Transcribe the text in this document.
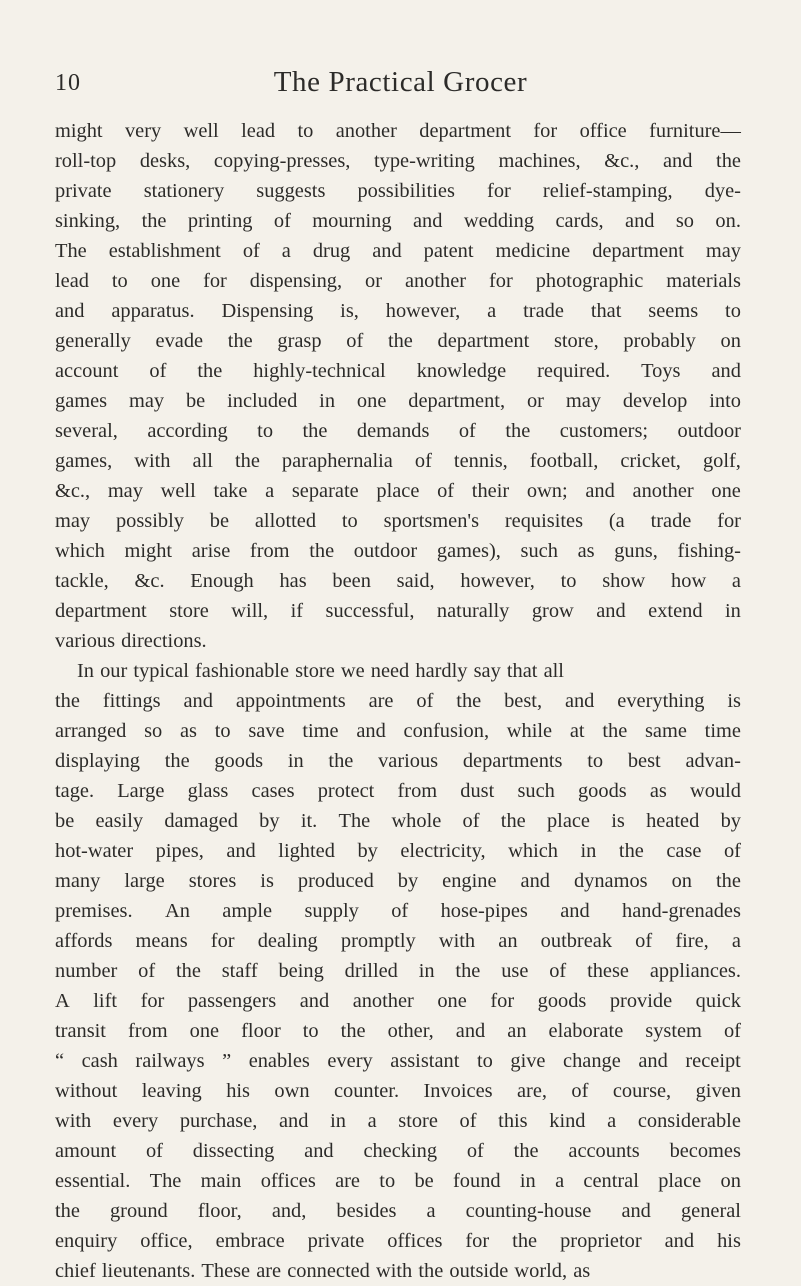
10	The Practical Grocer
might very well lead to another department for office furniture—
roll-top desks, copying-presses, type-writing machines, &c., and the
private stationery suggests possibilities for relief-stamping, dye-
sinking, the printing of mourning and wedding cards, and so on.
The establishment of a drug and patent medicine department may
lead to one for dispensing, or another for photographic materials
and apparatus. Dispensing is, however, a trade that seems to
generally evade the grasp of the department store, probably on
account of the highly-technical knowledge required. Toys and
games may be included in one department, or may develop into
several, according to the demands of the customers; outdoor
games, with all the paraphernalia of tennis, football, cricket, golf,
&c., may well take a separate place of their own; and another one
may possibly be allotted to sportsmen's requisites (a trade for
which might arise from the outdoor games), such as guns, fishing-
tackle, &c. Enough has been said, however, to show how a
department store will, if successful, naturally grow and extend in
various directions.
In our typical fashionable store we need hardly say that all
the fittings and appointments are of the best, and everything is
arranged so as to save time and confusion, while at the same time
displaying the goods in the various departments to best advan-
tage. Large glass cases protect from dust such goods as would
be easily damaged by it. The whole of the place is heated by
hot-water pipes, and lighted by electricity, which in the case of
many large stores is produced by engine and dynamos on the
premises. An ample supply of hose-pipes and hand-grenades
affords means for dealing promptly with an outbreak of fire, a
number of the staff being drilled in the use of these appliances.
A lift for passengers and another one for goods provide quick
transit from one floor to the other, and an elaborate system of
“ cash railways ” enables every assistant to give change and receipt
without leaving his own counter. Invoices are, of course, given
with every purchase, and in a store of this kind a considerable
amount of dissecting and checking of the accounts becomes
essential. The main offices are to be found in a central place on
the ground floor, and, besides a counting-house and general
enquiry office, embrace private offices for the proprietor and his
chief lieutenants. These are connected with the outside world, as
